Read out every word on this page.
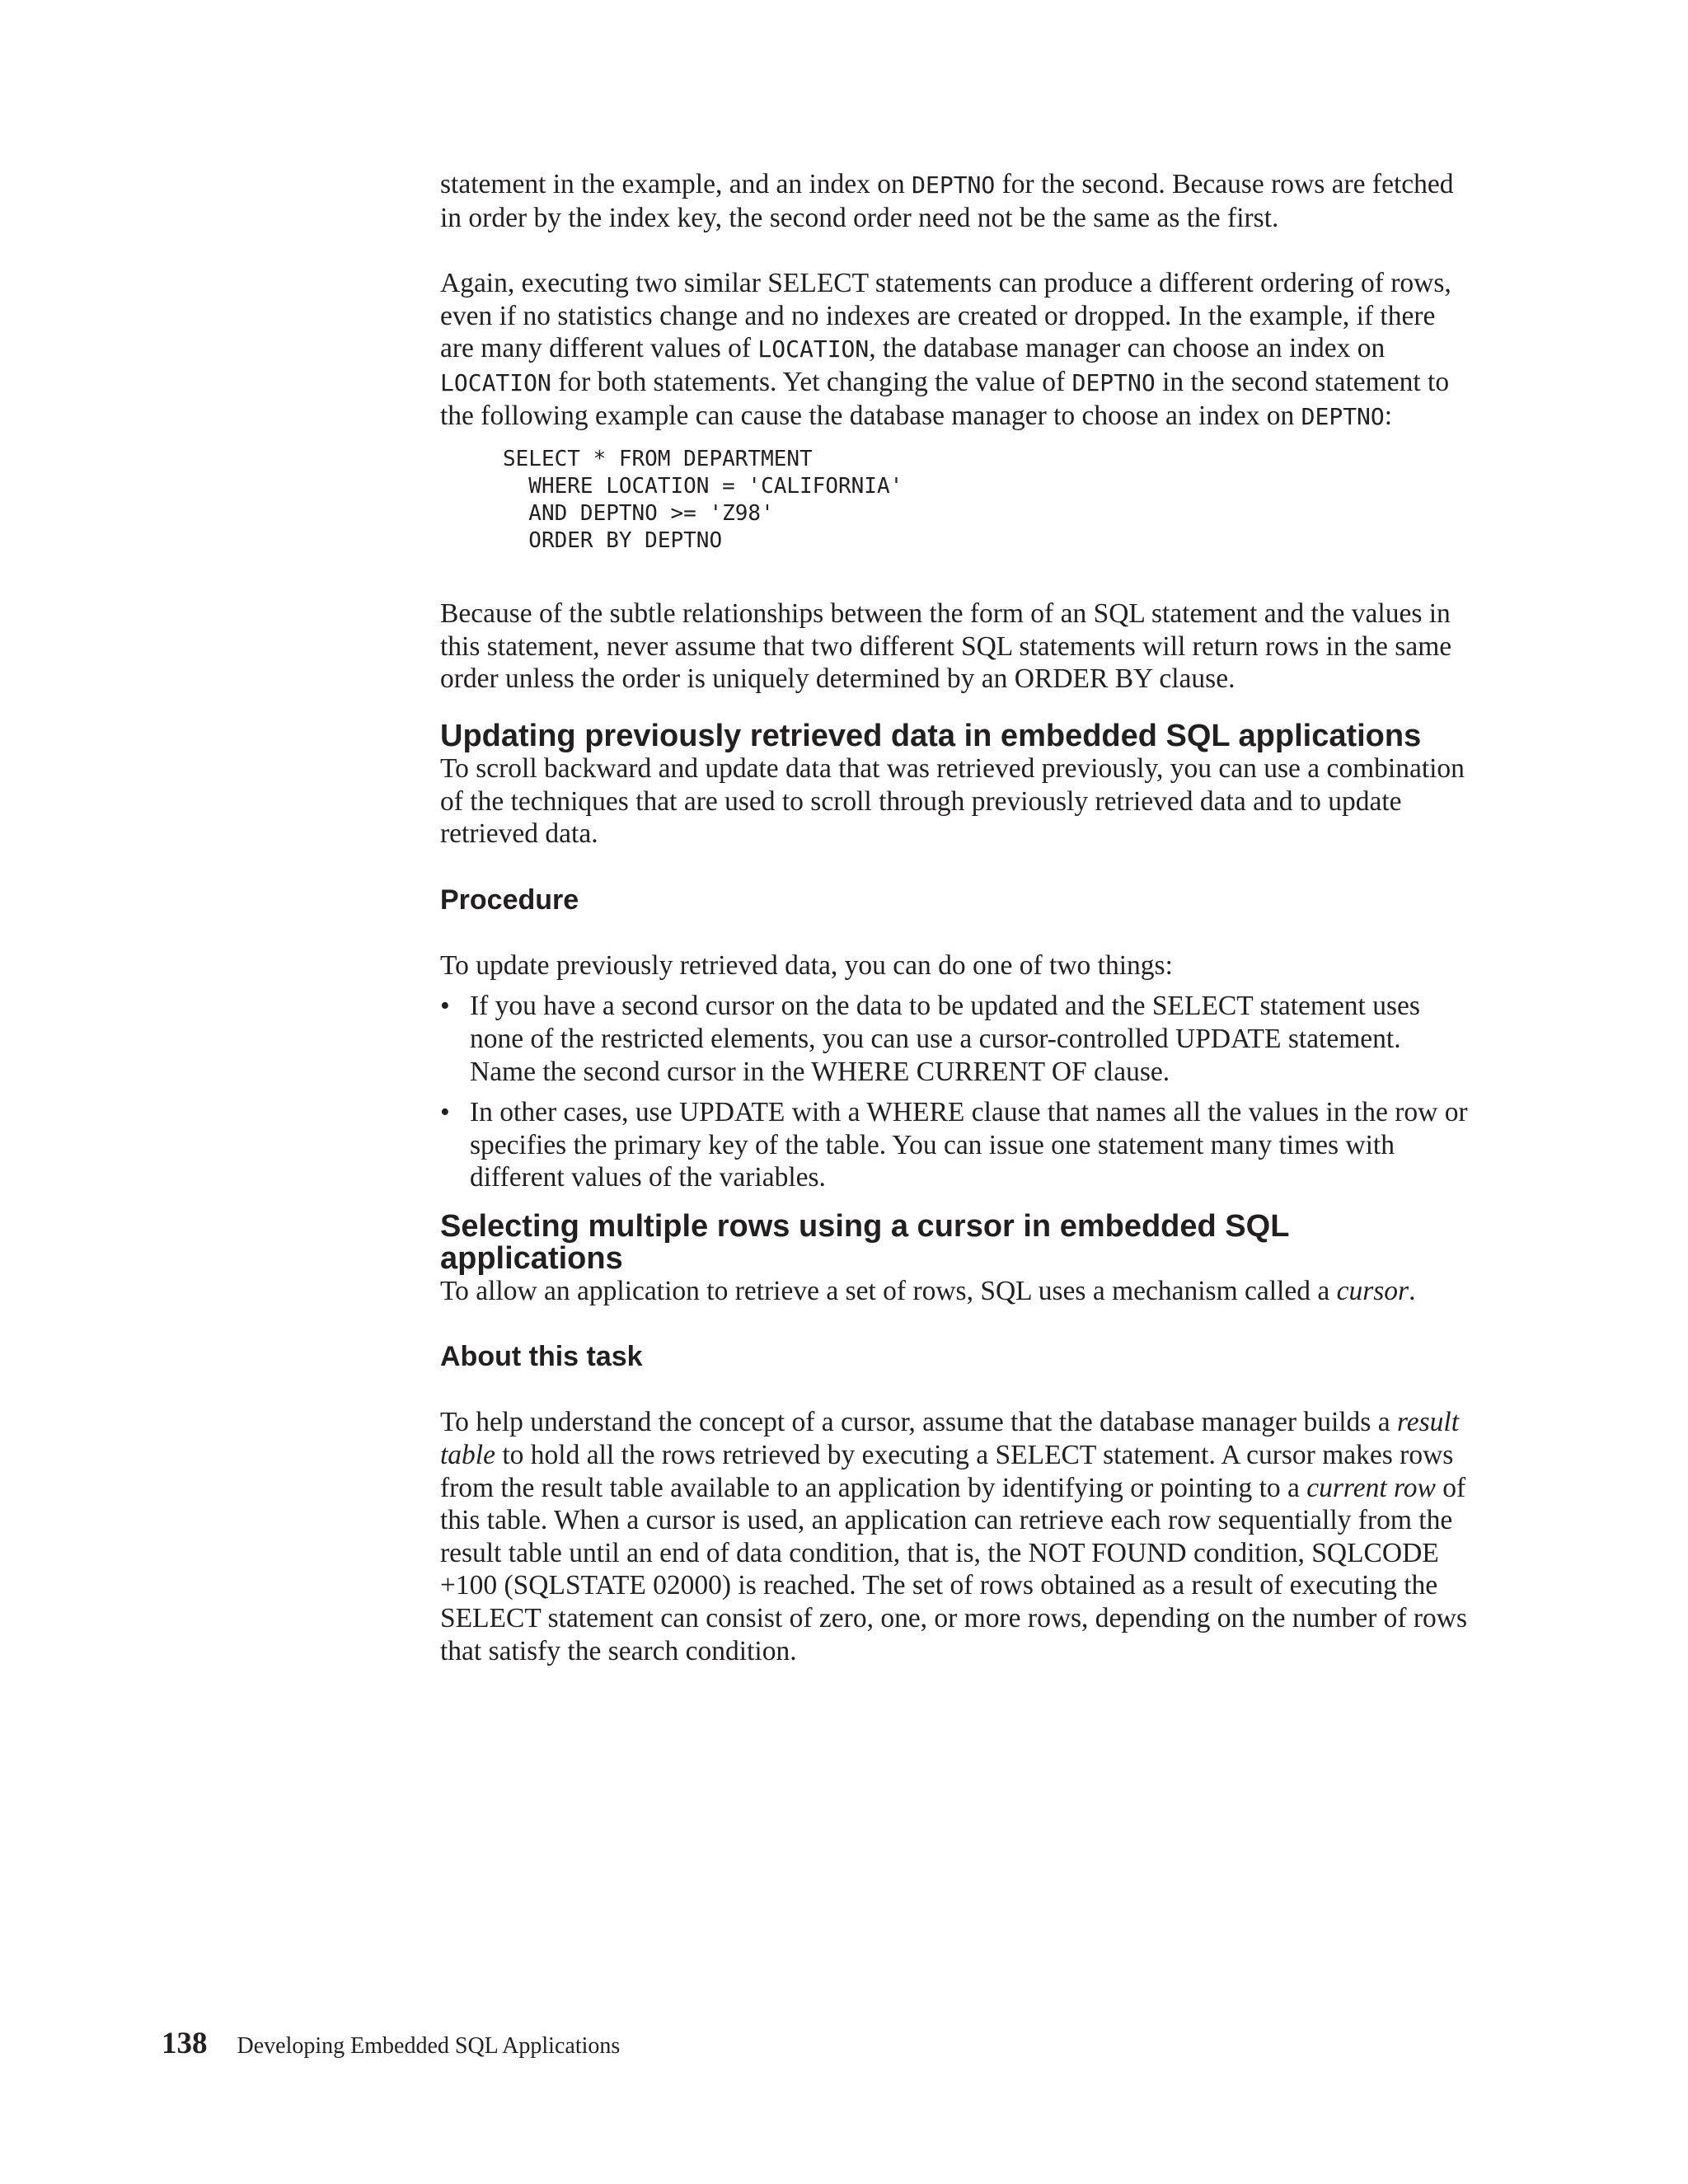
statement in the example, and an index on DEPTNO for the second. Because rows are fetched in order by the index key, the second order need not be the same as the first.

Again, executing two similar SELECT statements can produce a different ordering of rows, even if no statistics change and no indexes are created or dropped. In the example, if there are many different values of LOCATION, the database manager can choose an index on LOCATION for both statements. Yet changing the value of DEPTNO in the second statement to the following example can cause the database manager to choose an index on DEPTNO:

SELECT * FROM DEPARTMENT
WHERE LOCATION = 'CALIFORNIA'
AND DEPTNO >= 'Z98'
ORDER BY DEPTNO

Because of the subtle relationships between the form of an SQL statement and the values in this statement, never assume that two different SQL statements will return rows in the same order unless the order is uniquely determined by an ORDER BY clause.

Updating previously retrieved data in embedded SQL applications

To scroll backward and update data that was retrieved previously, you can use a combination of the techniques that are used to scroll through previously retrieved data and to update retrieved data.

Procedure

To update previously retrieved data, you can do one of two things:

• If you have a second cursor on the data to be updated and the SELECT statement uses none of the restricted elements, you can use a cursor-controlled UPDATE statement. Name the second cursor in the WHERE CURRENT OF clause.
• In other cases, use UPDATE with a WHERE clause that names all the values in the row or specifies the primary key of the table. You can issue one statement many times with different values of the variables.
Selecting multiple rows using a cursor in embedded SQL applications

To allow an application to retrieve a set of rows, SQL uses a mechanism called a cursor.

About this task

To help understand the concept of a cursor, assume that the database manager builds a result table to hold all the rows retrieved by executing a SELECT statement. A cursor makes rows from the result table available to an application by identifying or pointing to a current row of this table. When a cursor is used, an application can retrieve each row sequentially from the result table until an end of data condition, that is, the NOT FOUND condition, SQLCODE +100 (SQLSTATE 02000) is reached. The set of rows obtained as a result of executing the SELECT statement can consist of zero, one, or more rows, depending on the number of rows that satisfy the search condition.

138 Developing Embedded SQL Applications
